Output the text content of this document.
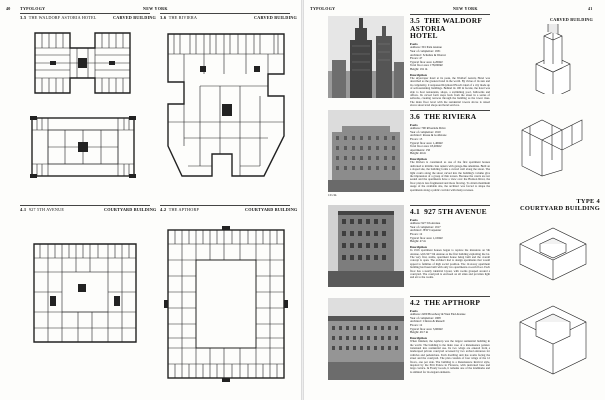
40 TYPOLOGY	NEW YORK
3.5 THE WALDORF ASTORIA HOTEL	CARVED BUILDING 3.6 THE RIVIERA	CARVED BUILDING
4.1 927 5TH AVENUE	COURTYARD BUILDING 4.2 THE APTHORP	COURTYARD BUILDING
TYPOLOGY	NEW YORK	41
CARVED BUILDING
10 cm
3.5 THE WALDORF ASTORIA
HOTEL
Facts
Address: 301 Park Avenue
Year of completion: 1931
Architect: Schultze & Weaver
Floors: 47
Typical floor area: 4,200m²
Total floor area: 178,000m²
Height: 191 m
Description
The skyscraper hotel at its peak, the Waldorf Astoria Hotel was described as the greatest hotel in the world. By virtue of its size and its complexity, it surpassed Raymond Hood's ideal of a city made up of self-sustaining buildings. Behind its 190 m facade, the hotel was able to host restaurants, shops, a swimming pool, ballrooms and offices. Its carved form steps back from the street in a series of setbacks, creating terraces through the building as the tower rises. The main floor level with the residential towers above is raised above street level shops and hotel services.
3.6 THE RIVIERA
Facts
Address: 790 Riverside Drive
Year of completion: 1910
Architect: Rouse & Goldstone
Floors: 13
Typical floor area: 1,400m²
Total floor area: 18,200m²
Apartments: 150
Height: 46 m
Description
The Riviera is considered as one of the first apartment houses dedicated to middle class renters with garage-like amenities. Built on a sloped site, the building forms a curved wall along the street. The light courts along the street carved into the building's volume give the impression of a group of thin towers. Because the courts are not sealed and the apartments have a view over the Hudson River, the floor plan is less fragmented and more flowing. To obtain maximum usage of the available site, the architect was forced to shape the apartments along a public corridor with many recesses.
TYPE 4
COURTYARD BUILDING
4.1 927 5TH AVENUE
Facts
Address: 927 5th Avenue
Year of completion: 1917
Architect: JEW Carpenter
Floors: 12
Typical floor area: 1,100m²
Height: 47 m
Description
In 1916 apartment houses began to replace the mansions on 5th Avenue, with 927 5th Avenue as the first building exploiting the lot. The very first, stable, apartment house being built and the overall concept is open. The architect had to design apartments that would appeal to families of high social position. The 12-storey apartment building had been built with only two apartments on each floor. Each floor has a nearly identical layout, with rooms grouped around a courtyard. The courtyard is enclosed on all sides and provides light and air to the rooms.
4.2 THE APTHORP
Facts
Address: 2209 Broadway & West End Avenue
Year of completion: 1908
Architect: Clinton & Russell
Floors: 12
Typical floor area: 3,600m²
Height: 49.7 m
Description
When finished, the Apthorp was the largest residential building in the world. The building is the main case of a Renaissance palazzo translated into residential use. Its two wings are entered from a landscaped private courtyard accessed by two arched entrances for vehicles and pedestrians. Each dwelling unit has rooms facing the street and the courtyard. The plan consists of four wings of the 12 floors, one per side. The building is a Renaissance Revival style, inspired by the Pitti Palace in Florence, with rusticated base and large cornice. In Freely Goods, it remains one of the landmarks and is admired for its elegant elements.
